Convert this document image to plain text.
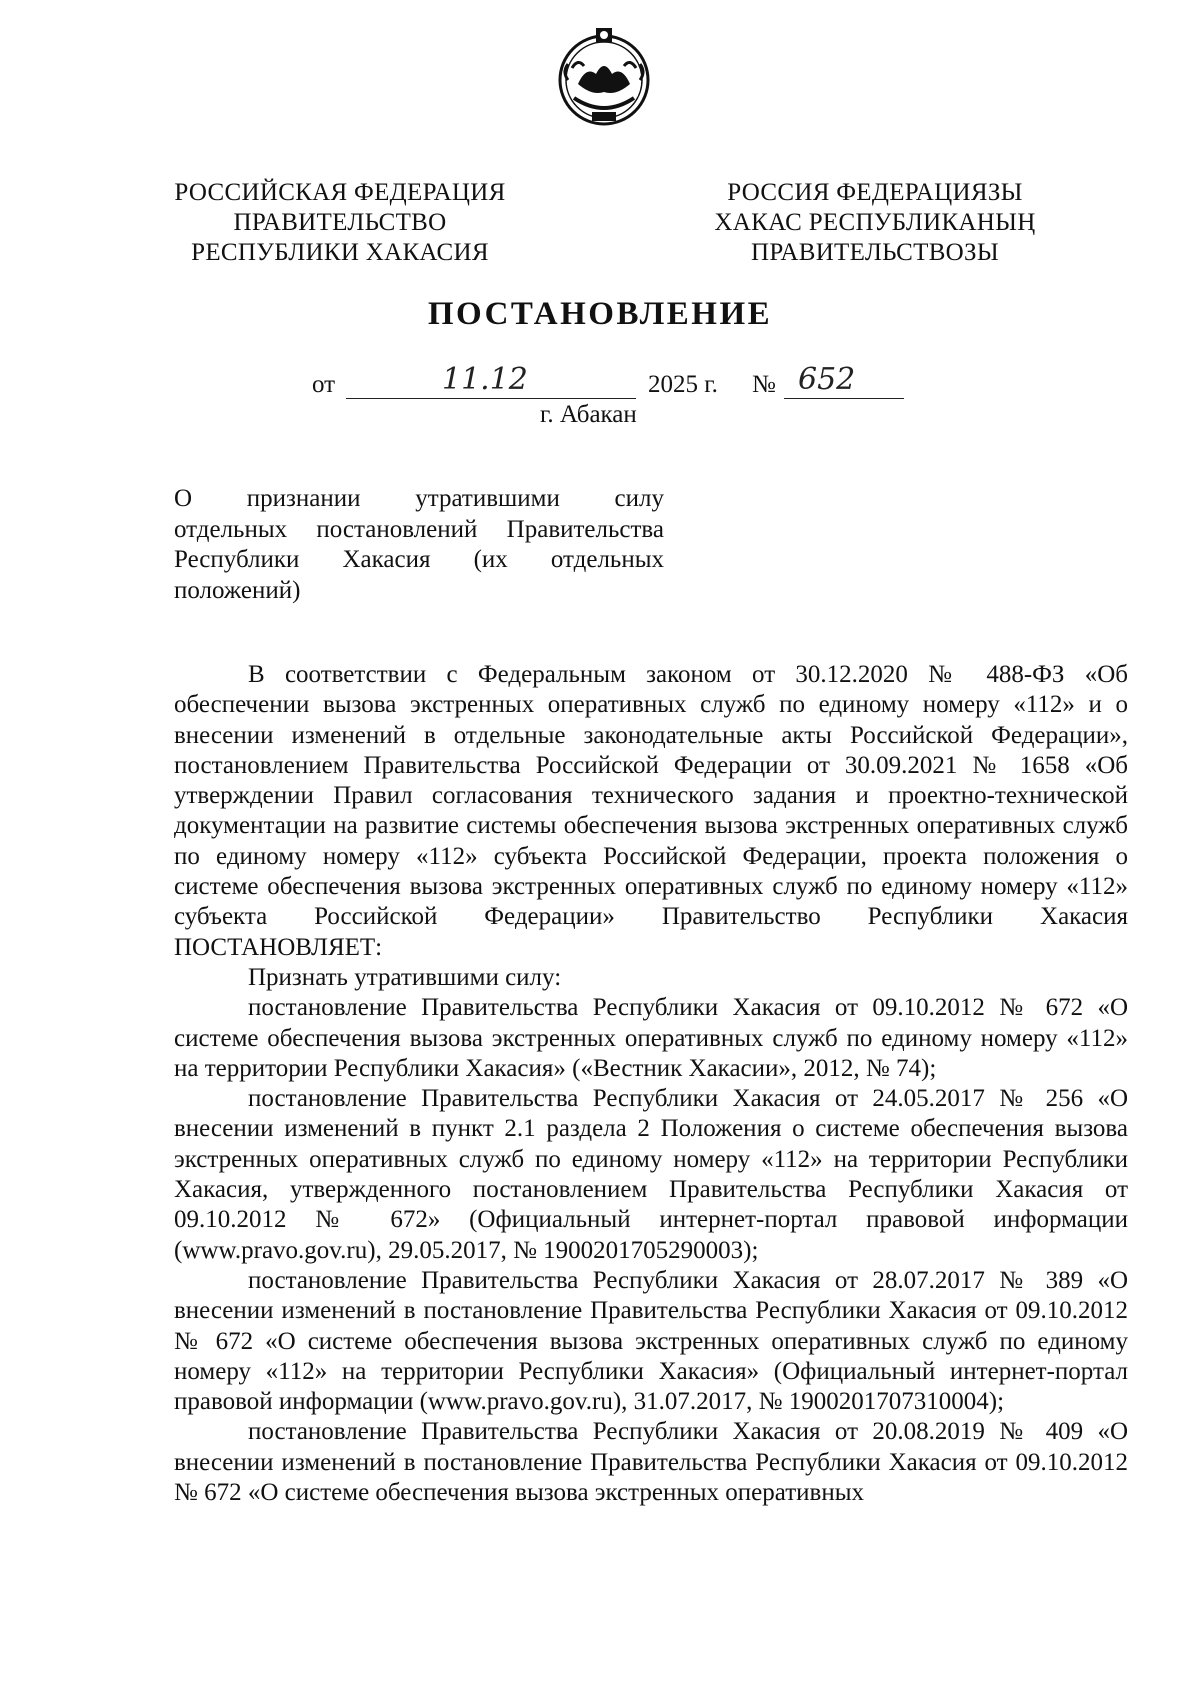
РОССИЙСКАЯ ФЕДЕРАЦИЯ
ПРАВИТЕЛЬСТВО
РЕСПУБЛИКИ ХАКАСИЯ
РОССИЯ ФЕДЕРАЦИЯЗЫ
ХАКАС РЕСПУБЛИКАНЫҢ
ПРАВИТЕЛЬСТВОЗЫ
ПОСТАНОВЛЕНИЕ
от	11.12	2025 г. № 652
г. Абакан
О признании утратившими силу
отдельных постановлений Правительства
Республики Хакасия (их отдельных
положений)

В соответствии с Федеральным законом от 30.12.2020 № 488-ФЗ «Об обеспечении вызова экстренных оперативных служб по единому номеру «112» и о внесении изменений в отдельные законодательные акты Российской Федерации», постановлением Правительства Российской Федерации от 30.09.2021 № 1658 «Об утверждении Правил согласования технического задания и проектно-технической документации на развитие системы обеспечения вызова экстренных оперативных служб по единому номеру «112» субъекта Российской Федерации, проекта положения о системе обеспечения вызова экстренных оперативных служб по единому номеру «112» субъекта Российской Федерации» Правительство Республики Хакасия ПОСТАНОВЛЯЕТ:

Признать утратившими силу:

постановление Правительства Республики Хакасия от 09.10.2012 № 672 «О системе обеспечения вызова экстренных оперативных служб по единому номеру «112» на территории Республики Хакасия» («Вестник Хакасии», 2012, № 74);

постановление Правительства Республики Хакасия от 24.05.2017 № 256 «О внесении изменений в пункт 2.1 раздела 2 Положения о системе обеспечения вызова экстренных оперативных служб по единому номеру «112» на территории Республики Хакасия, утвержденного постановлением Правительства Республики Хакасия от 09.10.2012 № 672» (Официальный интернет-портал правовой информации (www.pravo.gov.ru), 29.05.2017, № 1900201705290003);

постановление Правительства Республики Хакасия от 28.07.2017 № 389 «О внесении изменений в постановление Правительства Республики Хакасия от 09.10.2012 № 672 «О системе обеспечения вызова экстренных оперативных служб по единому номеру «112» на территории Республики Хакасия» (Официальный интернет-портал правовой информации (www.pravo.gov.ru), 31.07.2017, № 1900201707310004);

постановление Правительства Республики Хакасия от 20.08.2019 № 409 «О внесении изменений в постановление Правительства Республики Хакасия от 09.10.2012 № 672 «О системе обеспечения вызова экстренных оперативных
